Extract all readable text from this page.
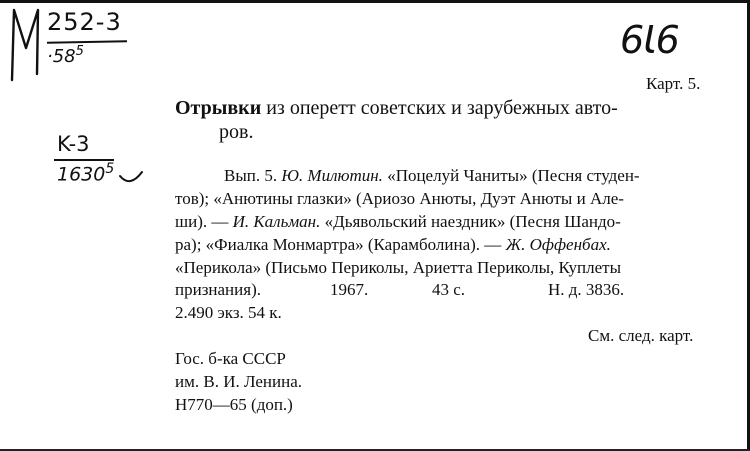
252-3
$\cdot 58^5$
K-3
1630$^5$
6Ɩ6
Карт. 5.
Отрывки из оперетт советских и зарубежных авто-
ров.
Вып. 5. Ю. Милютин. «Поцелуй Чаниты» (Песня студен-
тов); «Анютины глазки» (Ариозо Анюты, Дуэт Анюты и Але-
ши). — И. Кальман. «Дьявольский наездник» (Песня Шандо-
ра); «Фиалка Монмартра» (Карамболина). — Ж. Оффенбах.
«Перикола» (Письмо Периколы, Ариетта Периколы, Куплеты
признания).	1967.	43 с.	Н. д. 3836.
2.490 экз. 54 к.
См. след. карт.
Гос. б-ка СССР
им. В. И. Ленина.
Н770—65 (доп.)
